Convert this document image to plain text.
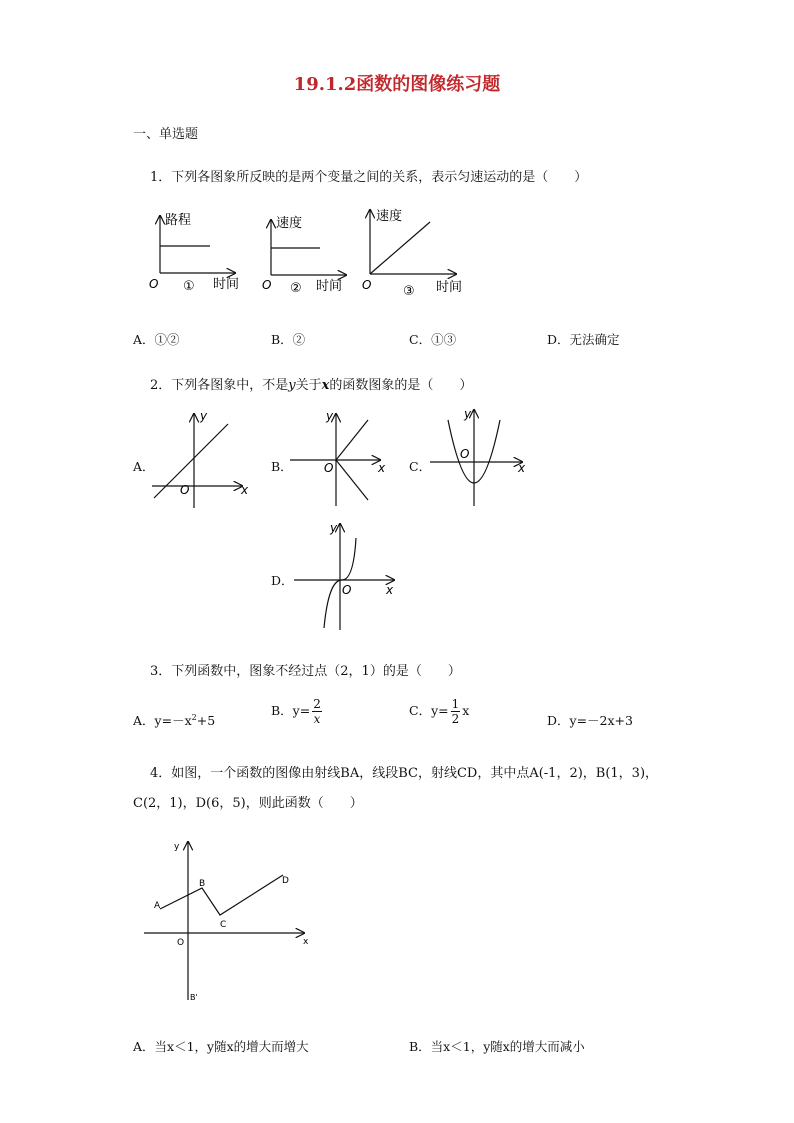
19.1.2函数的图像练习题
一、单选题
1．下列各图象所反映的是两个变量之间的关系，表示匀速运动的是（　　）
路程
O ① 时间
速度
O ② 时间
速度
O ③ 时间
A．①②	B．②	C．①③	D．无法确定
2．下列各图象中，不是y关于x的函数图象的是（　　）
A．
y
x
O
B．
y
x
O	C．
y
x
O
D．
y
x
O
3．下列函数中，图象不经过点（2，1）的是（　　）
A．$y=-x^2+5$
B．$y= \frac{2}{x}$	C．$y= \frac{1}{2}$ x
D．y=－2x+3
4．如图，一个函数的图像由射线BA，线段BC，射线CD，其中点A(-1，2)，B(1，3)，
C(2，1)，D(6，5)，则此函数（　　）
y
x
O
A
B
C
D
B'
A．当x＜1，y随x的增大而增大	B．当x＜1，y随x的增大而减小
